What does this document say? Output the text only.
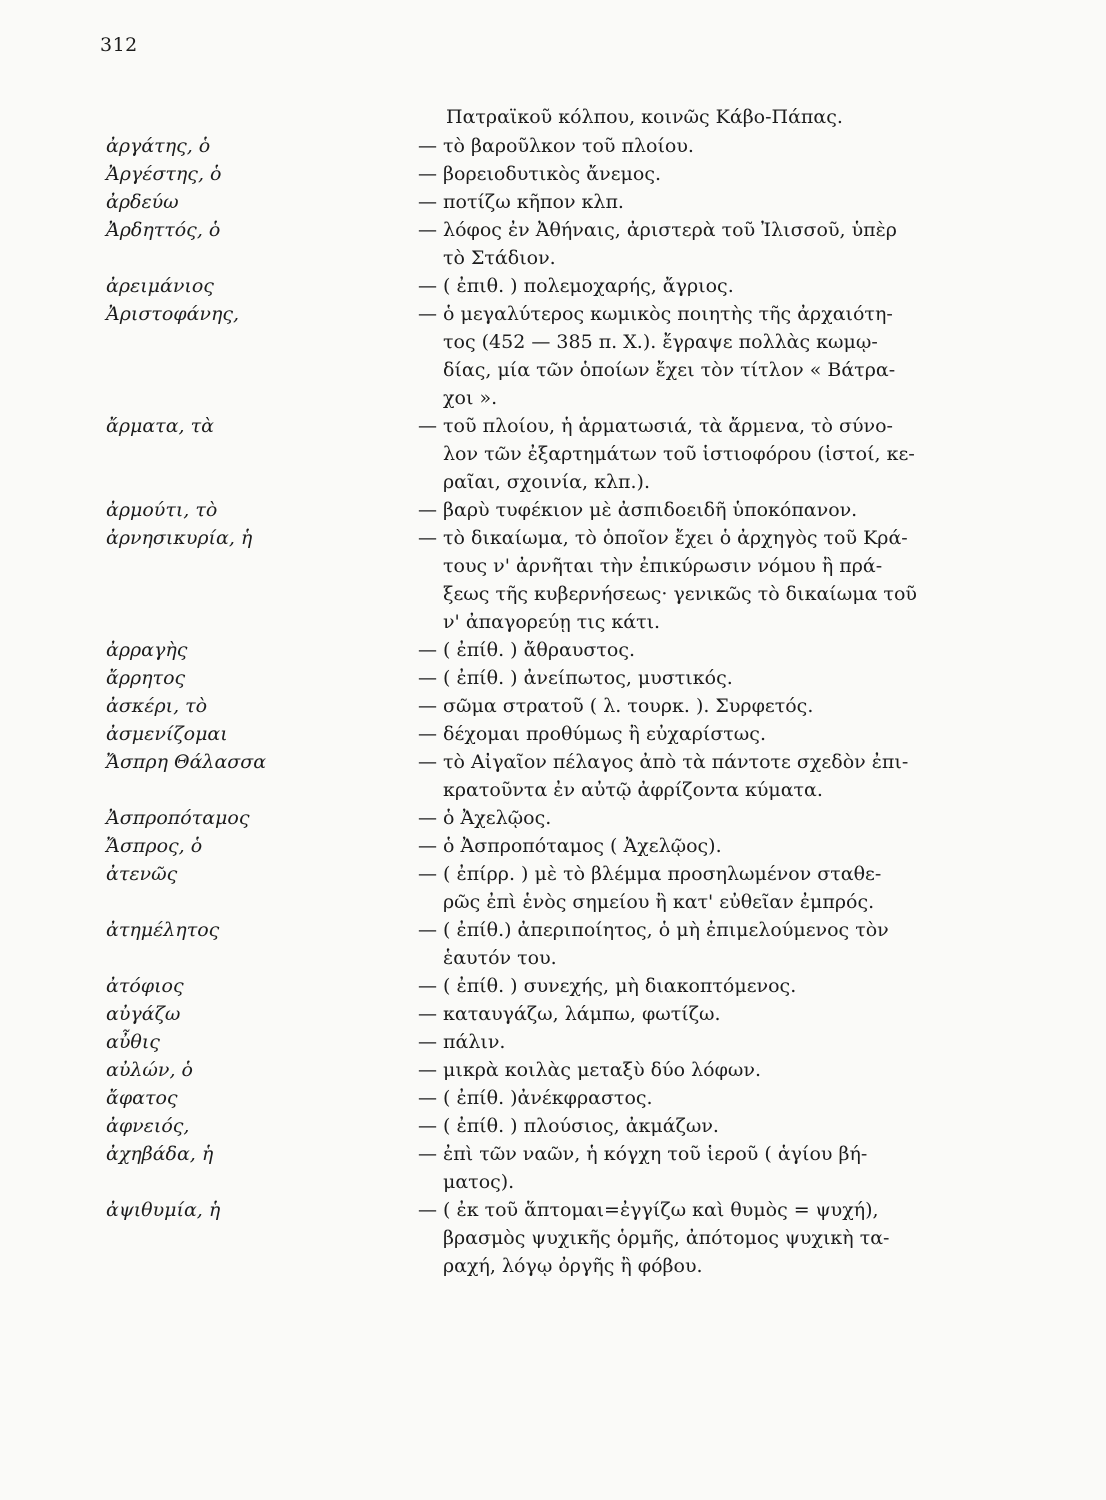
312
Πατραϊκοῦ κόλπου, κοινῶς Κάβο-Πάπας.
ἀργάτης, ὁ	— τὸ βαροῦλκον τοῦ πλοίου.
Ἀργέστης, ὁ	— βορειοδυτικὸς ἄνεμος.
ἀρδεύω	— ποτίζω κῆπον κλπ.
Ἀρδηττός, ὁ	— λόφος ἐν Ἀθήναις, ἀριστερὰ τοῦ Ἰλισσοῦ, ὑπὲρ
τὸ Στάδιον.
ἀρειμάνιος	— ( ἐπιθ. ) πολεμοχαρής, ἄγριος.
Ἀριστοφάνης,	— ὁ μεγαλύτερος κωμικὸς ποιητὴς τῆς ἀρχαιότη-
τος (452 — 385 π. Χ.). ἔγραψε πολλὰς κωμῳ-
δίας, μία τῶν ὁποίων ἔχει τὸν τίτλον « Βάτρα-
χοι ».
ἄρματα, τὰ	— τοῦ πλοίου, ἡ ἁρματωσιά, τὰ ἄρμενα, τὸ σύνο-
λον τῶν ἐξαρτημάτων τοῦ ἱστιοφόρου (ἱστοί, κε-
ραῖαι, σχοινία, κλπ.).
ἀρμούτι, τὸ	— βαρὺ τυφέκιον μὲ ἀσπιδοειδῆ ὑποκόπανον.
ἀρνησικυρία, ἡ	— τὸ δικαίωμα, τὸ ὁποῖον ἔχει ὁ ἀρχηγὸς τοῦ Κρά-
τους ν' ἀρνῆται τὴν ἐπικύρωσιν νόμου ἢ πρά-
ξεως τῆς κυβερνήσεως· γενικῶς τὸ δικαίωμα τοῦ
ν' ἀπαγορεύῃ τις κάτι.
ἀρραγὴς	— ( ἐπίθ. ) ἄθραυστος.
ἄρρητος	— ( ἐπίθ. ) ἀνείπωτος, μυστικός.
ἀσκέρι, τὸ	— σῶμα στρατοῦ ( λ. τουρκ. ). Συρφετός.
ἀσμενίζομαι	— δέχομαι προθύμως ἢ εὐχαρίστως.
Ἄσπρη Θάλασσα	— τὸ Αἰγαῖον πέλαγος ἀπὸ τὰ πάντοτε σχεδὸν ἐπι-
κρατοῦντα ἐν αὐτῷ ἀφρίζοντα κύματα.
Ἀσπροπόταμος	— ὁ Ἀχελῷος.
Ἄσπρος, ὁ	— ὁ Ἀσπροπόταμος ( Ἀχελῷος).
ἀτενῶς	— ( ἐπίρρ. ) μὲ τὸ βλέμμα προσηλωμένον σταθε-
ρῶς ἐπὶ ἑνὸς σημείου ἢ κατ' εὐθεῖαν ἐμπρός.
ἀτημέλητος	— ( ἐπίθ.) ἀπεριποίητος, ὁ μὴ ἐπιμελούμενος τὸν
ἑαυτόν του.
ἀτόφιος	— ( ἐπίθ. ) συνεχής, μὴ διακοπτόμενος.
αὐγάζω	— καταυγάζω, λάμπω, φωτίζω.
αὖθις	— πάλιν.
αὐλών, ὁ	— μικρὰ κοιλὰς μεταξὺ δύο λόφων.
ἄφατος	— ( ἐπίθ. )ἀνέκφραστος.
ἀφνειός,	— ( ἐπίθ. ) πλούσιος, ἀκμάζων.
ἀχηβάδα, ἡ	— ἐπὶ τῶν ναῶν, ἡ κόγχη τοῦ ἱεροῦ ( ἁγίου βή-
ματος).
ἀψιθυμία, ἡ	— ( ἐκ τοῦ ἅπτομαι=ἐγγίζω καὶ θυμὸς = ψυχή),
βρασμὸς ψυχικῆς ὁρμῆς, ἀπότομος ψυχικὴ τα-
ραχή, λόγῳ ὀργῆς ἢ φόβου.
